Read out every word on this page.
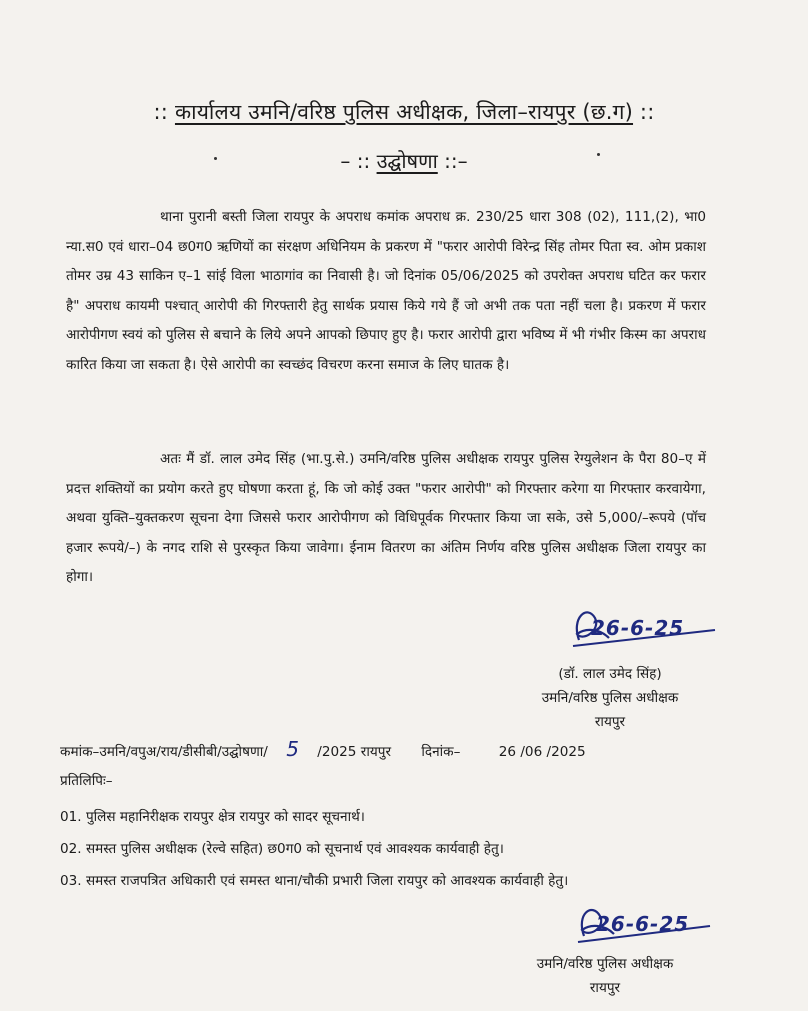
:: कार्यालय उमनि/वरिष्ठ पुलिस अधीक्षक, जिला–रायपुर (छ.ग) ::
– :: उद्घोषणा ::–
थाना पुरानी बस्ती जिला रायपुर के अपराध कमांक अपराध क्र. 230/25 धारा 308 (02), 111,(2), भा0 न्या.स0 एवं धारा–04 छ0ग0 ऋणियों का संरक्षण अधिनियम के प्रकरण में "फरार आरोपी विरेन्द्र सिंह तोमर पिता स्व. ओम प्रकाश तोमर उम्र 43 साकिन ए–1 सांई विला भाठागांव का निवासी है। जो दिनांक 05/06/2025 को उपरोक्त अपराध घटित कर फरार है" अपराध कायमी पश्चात् आरोपी की गिरफ्तारी हेतु सार्थक प्रयास किये गये हैं जो अभी तक पता नहीं चला है। प्रकरण में फरार आरोपीगण स्वयं को पुलिस से बचाने के लिये अपने आपको छिपाए हुए है। फरार आरोपी द्वारा भविष्य में भी गंभीर किस्म का अपराध कारित किया जा सकता है। ऐसे आरोपी का स्वच्छंद विचरण करना समाज के लिए घातक है।
अतः मैं डॉ. लाल उमेद सिंह (भा.पु.से.) उमनि/वरिष्ठ पुलिस अधीक्षक रायपुर पुलिस रेग्युलेशन के पैरा 80–ए में प्रदत्त शक्तियों का प्रयोग करते हुए घोषणा करता हूं, कि जो कोई उक्त "फरार आरोपी" को गिरफ्तार करेगा या गिरफ्तार करवायेगा, अथवा युक्ति–युक्तकरण सूचना देगा जिससे फरार आरोपीगण को विधिपूर्वक गिरफ्तार किया जा सके, उसे 5,000/–रूपये (पॉच हजार रूपये/–) के नगद राशि से पुरस्कृत किया जावेगा। ईनाम वितरण का अंतिम निर्णय वरिष्ठ पुलिस अधीक्षक जिला रायपुर का होगा।
26-6-25
(डॉ. लाल उमेद सिंह)
उमनि/वरिष्ठ पुलिस अधीक्षक
रायपुर
कमांक–उमनि/वपुअ/राय/डीसीबी/उद्घोषणा/ 5 /2025 रायपुर दिनांक–	26 /06 /2025
प्रतिलिपिः–
01. पुलिस महानिरीक्षक रायपुर क्षेत्र रायपुर को सादर सूचनार्थ।
02. समस्त पुलिस अधीक्षक (रेल्वे सहित) छ0ग0 को सूचनार्थ एवं आवश्यक कार्यवाही हेतु।
03. समस्त राजपत्रित अधिकारी एवं समस्त थाना/चौकी प्रभारी जिला रायपुर को आवश्यक कार्यवाही हेतु।
26-6-25
उमनि/वरिष्ठ पुलिस अधीक्षक
रायपुर
